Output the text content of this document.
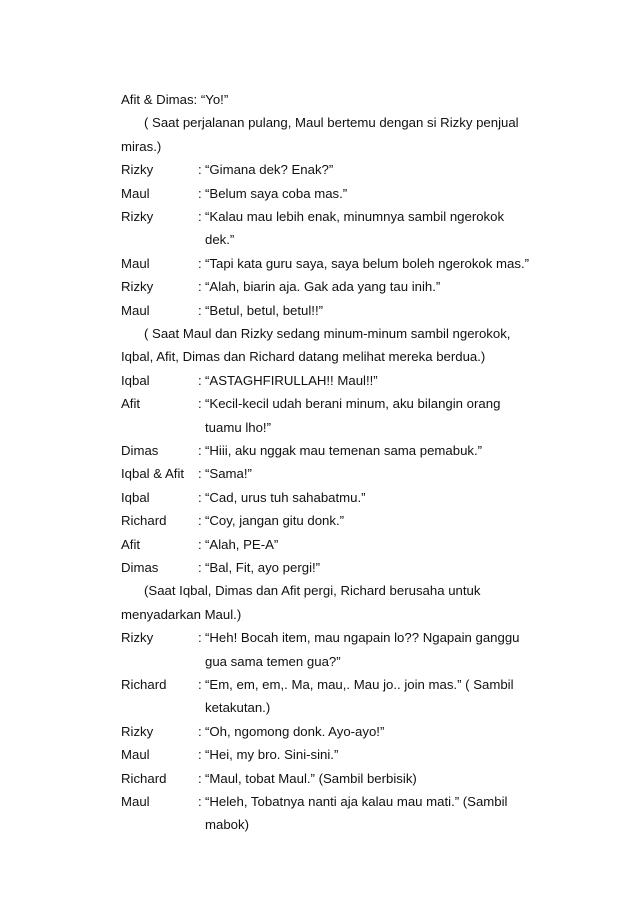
Afit & Dimas: “Yo!”
( Saat perjalanan pulang, Maul bertemu dengan si Rizky penjual
miras.)
Rizky	: “Gimana dek? Enak?”
Maul	: “Belum saya coba mas.”
Rizky	: “Kalau mau lebih enak, minumnya sambil ngerokok
dek.”
Maul	: “Tapi kata guru saya, saya belum boleh ngerokok mas.”
Rizky	: “Alah, biarin aja. Gak ada yang tau inih.”
Maul	: “Betul, betul, betul!!”
( Saat Maul dan Rizky sedang minum-minum sambil ngerokok,
Iqbal, Afit, Dimas dan Richard datang melihat mereka berdua.)
Iqbal	: “ASTAGHFIRULLAH!! Maul!!”
Afit	: “Kecil-kecil udah berani minum, aku bilangin orang
tuamu lho!”
Dimas	: “Hiii, aku nggak mau temenan sama pemabuk.”
Iqbal & Afit	: “Sama!”
Iqbal	: “Cad, urus tuh sahabatmu.”
Richard	: “Coy, jangan gitu donk.”
Afit	: “Alah, PE-A”
Dimas	: “Bal, Fit, ayo pergi!”
(Saat Iqbal, Dimas dan Afit pergi, Richard berusaha untuk
menyadarkan Maul.)
Rizky	: “Heh! Bocah item, mau ngapain lo?? Ngapain ganggu
gua sama temen gua?”
Richard	: “Em, em, em,. Ma, mau,. Mau jo.. join mas.” ( Sambil
ketakutan.)
Rizky	: “Oh, ngomong donk. Ayo-ayo!”
Maul	: “Hei, my bro. Sini-sini.”
Richard	: “Maul, tobat Maul.” (Sambil berbisik)
Maul	: “Heleh, Tobatnya nanti aja kalau mau mati.” (Sambil
mabok)
